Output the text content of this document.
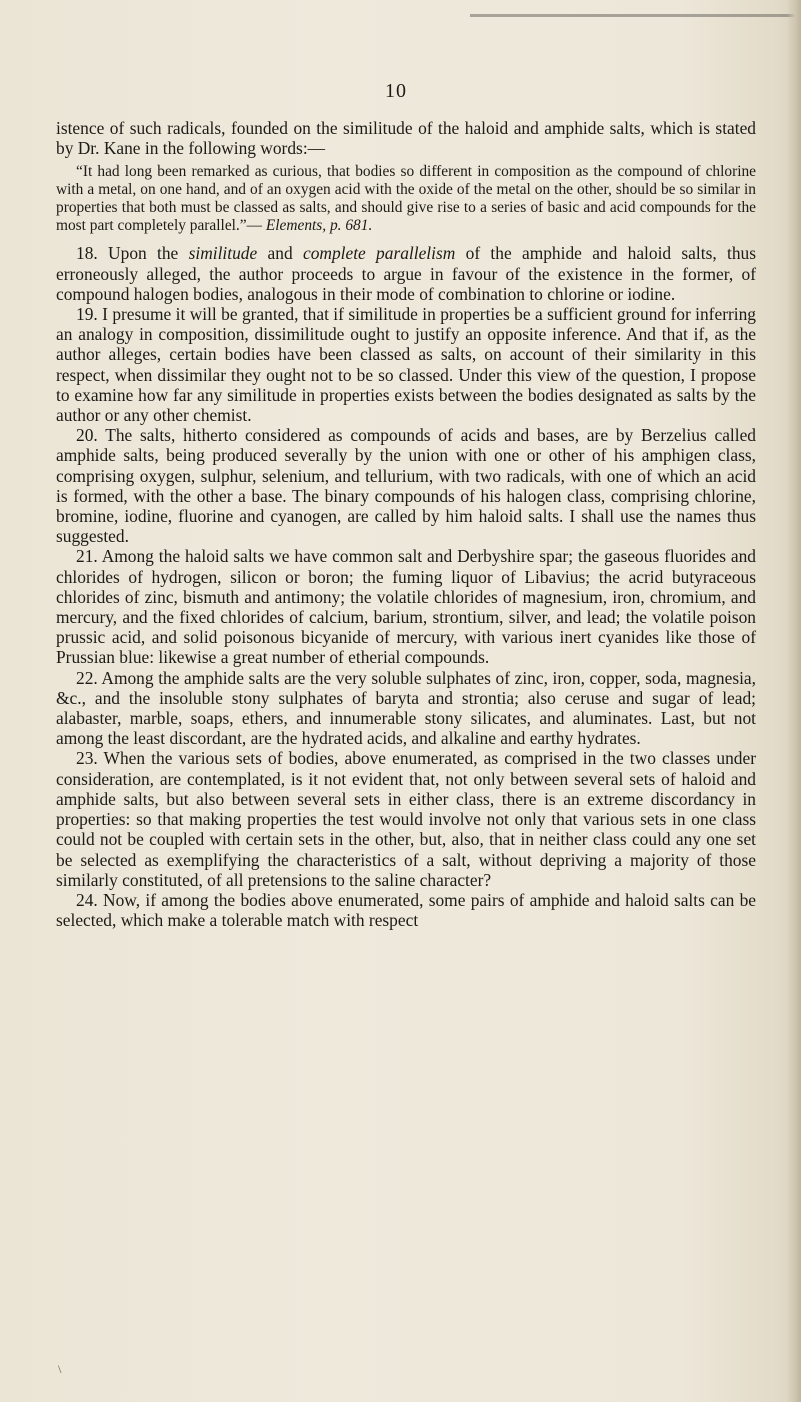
10

istence of such radicals, founded on the similitude of the haloid and amphide salts, which is stated by Dr. Kane in the following words:—

“It had long been remarked as curious, that bodies so different in composition as the compound of chlorine with a metal, on one hand, and of an oxygen acid with the oxide of the metal on the other, should be so similar in properties that both must be classed as salts, and should give rise to a series of basic and acid compounds for the most part completely parallel.”— Elements, p. 681.

18. Upon the similitude and complete parallelism of the amphide and haloid salts, thus erroneously alleged, the author proceeds to argue in favour of the existence in the former, of compound halogen bodies, analogous in their mode of combination to chlorine or iodine.

19. I presume it will be granted, that if similitude in properties be a sufficient ground for inferring an analogy in composition, dissimilitude ought to justify an opposite inference. And that if, as the author alleges, certain bodies have been classed as salts, on account of their similarity in this respect, when dissimilar they ought not to be so classed. Under this view of the question, I propose to examine how far any similitude in properties exists between the bodies designated as salts by the author or any other chemist.

20. The salts, hitherto considered as compounds of acids and bases, are by Berzelius called amphide salts, being produced severally by the union with one or other of his amphigen class, comprising oxygen, sulphur, selenium, and tellurium, with two radicals, with one of which an acid is formed, with the other a base. The binary compounds of his halogen class, comprising chlorine, bromine, iodine, fluorine and cyanogen, are called by him haloid salts. I shall use the names thus suggested.

21. Among the haloid salts we have common salt and Derbyshire spar; the gaseous fluorides and chlorides of hydrogen, silicon or boron; the fuming liquor of Libavius; the acrid butyraceous chlorides of zinc, bismuth and antimony; the volatile chlorides of magnesium, iron, chromium, and mercury, and the fixed chlorides of calcium, barium, strontium, silver, and lead; the volatile poison prussic acid, and solid poisonous bicyanide of mercury, with various inert cyanides like those of Prussian blue: likewise a great number of etherial compounds.

22. Among the amphide salts are the very soluble sulphates of zinc, iron, copper, soda, magnesia, &c., and the insoluble stony sulphates of baryta and strontia; also ceruse and sugar of lead; alabaster, marble, soaps, ethers, and innumerable stony silicates, and aluminates. Last, but not among the least discordant, are the hydrated acids, and alkaline and earthy hydrates.

23. When the various sets of bodies, above enumerated, as comprised in the two classes under consideration, are contemplated, is it not evident that, not only between several sets of haloid and amphide salts, but also between several sets in either class, there is an extreme discordancy in properties: so that making properties the test would involve not only that various sets in one class could not be coupled with certain sets in the other, but, also, that in neither class could any one set be selected as exemplifying the characteristics of a salt, without depriving a majority of those similarly constituted, of all pretensions to the saline character?

24. Now, if among the bodies above enumerated, some pairs of amphide and haloid salts can be selected, which make a tolerable match with respect

\
